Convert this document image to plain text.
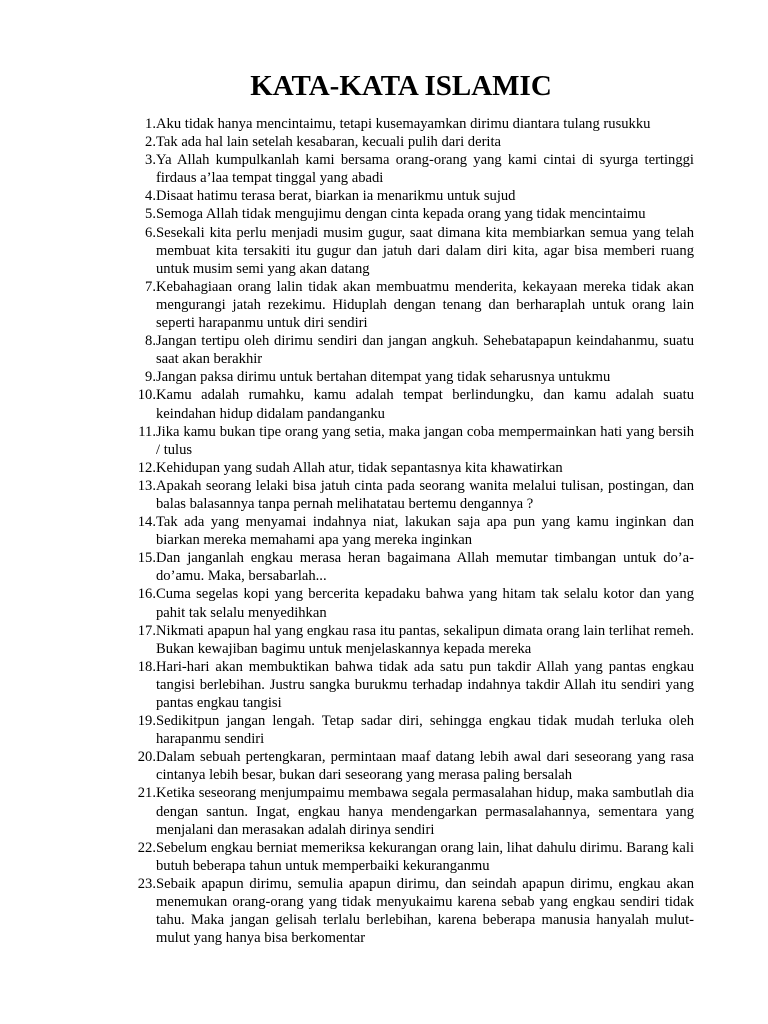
KATA-KATA ISLAMIC
1. Aku tidak hanya mencintaimu, tetapi kusemayamkan dirimu diantara tulang rusukku
2. Tak ada hal lain setelah kesabaran, kecuali pulih dari derita
3. Ya Allah kumpulkanlah kami bersama orang-orang yang kami cintai di syurga tertinggi firdaus a’laa tempat tinggal yang abadi
4. Disaat hatimu terasa berat, biarkan ia menarikmu untuk sujud
5. Semoga Allah tidak mengujimu dengan cinta kepada orang yang tidak mencintaimu
6. Sesekali kita perlu menjadi musim gugur, saat dimana kita membiarkan semua yang telah membuat kita tersakiti itu gugur dan jatuh dari dalam diri kita, agar bisa memberi ruang untuk musim semi yang akan datang
7. Kebahagiaan orang lalin tidak akan membuatmu menderita, kekayaan mereka tidak akan mengurangi jatah rezekimu. Hiduplah dengan tenang dan berharaplah untuk orang lain seperti harapanmu untuk diri sendiri
8. Jangan tertipu oleh dirimu sendiri dan jangan angkuh. Sehebatapapun keindahanmu, suatu saat akan berakhir
9. Jangan paksa dirimu untuk bertahan ditempat yang tidak seharusnya untukmu
10. Kamu adalah rumahku, kamu adalah tempat berlindungku, dan kamu adalah suatu keindahan hidup didalam pandanganku
11. Jika kamu bukan tipe orang yang setia, maka jangan coba mempermainkan hati yang bersih / tulus
12. Kehidupan yang sudah Allah atur, tidak sepantasnya kita khawatirkan
13. Apakah seorang lelaki bisa jatuh cinta pada seorang wanita melalui tulisan, postingan, dan balas balasannya tanpa pernah melihatatau bertemu dengannya ?
14. Tak ada yang menyamai indahnya niat, lakukan saja apa pun yang kamu inginkan dan biarkan mereka memahami apa yang mereka inginkan
15. Dan janganlah engkau merasa heran bagaimana Allah memutar timbangan untuk do’a-do’amu. Maka, bersabarlah...
16. Cuma segelas kopi yang bercerita kepadaku bahwa yang hitam tak selalu kotor dan yang pahit tak selalu menyedihkan
17. Nikmati apapun hal yang engkau rasa itu pantas, sekalipun dimata orang lain terlihat remeh. Bukan kewajiban bagimu untuk menjelaskannya kepada mereka
18. Hari-hari akan membuktikan bahwa tidak ada satu pun takdir Allah yang pantas engkau tangisi berlebihan. Justru sangka burukmu terhadap indahnya takdir Allah itu sendiri yang pantas engkau tangisi
19. Sedikitpun jangan lengah. Tetap sadar diri, sehingga engkau tidak mudah terluka oleh harapanmu sendiri
20. Dalam sebuah pertengkaran, permintaan maaf datang lebih awal dari seseorang yang rasa cintanya lebih besar, bukan dari seseorang yang merasa paling bersalah
21. Ketika seseorang menjumpaimu membawa segala permasalahan hidup, maka sambutlah dia dengan santun. Ingat, engkau hanya mendengarkan permasalahannya, sementara yang menjalani dan merasakan adalah dirinya sendiri
22. Sebelum engkau berniat memeriksa kekurangan orang lain, lihat dahulu dirimu. Barang kali butuh beberapa tahun untuk memperbaiki kekuranganmu
23. Sebaik apapun dirimu, semulia apapun dirimu, dan seindah apapun dirimu, engkau akan menemukan orang-orang yang tidak menyukaimu karena sebab yang engkau sendiri tidak tahu. Maka jangan gelisah terlalu berlebihan, karena beberapa manusia hanyalah mulut-mulut yang hanya bisa berkomentar
